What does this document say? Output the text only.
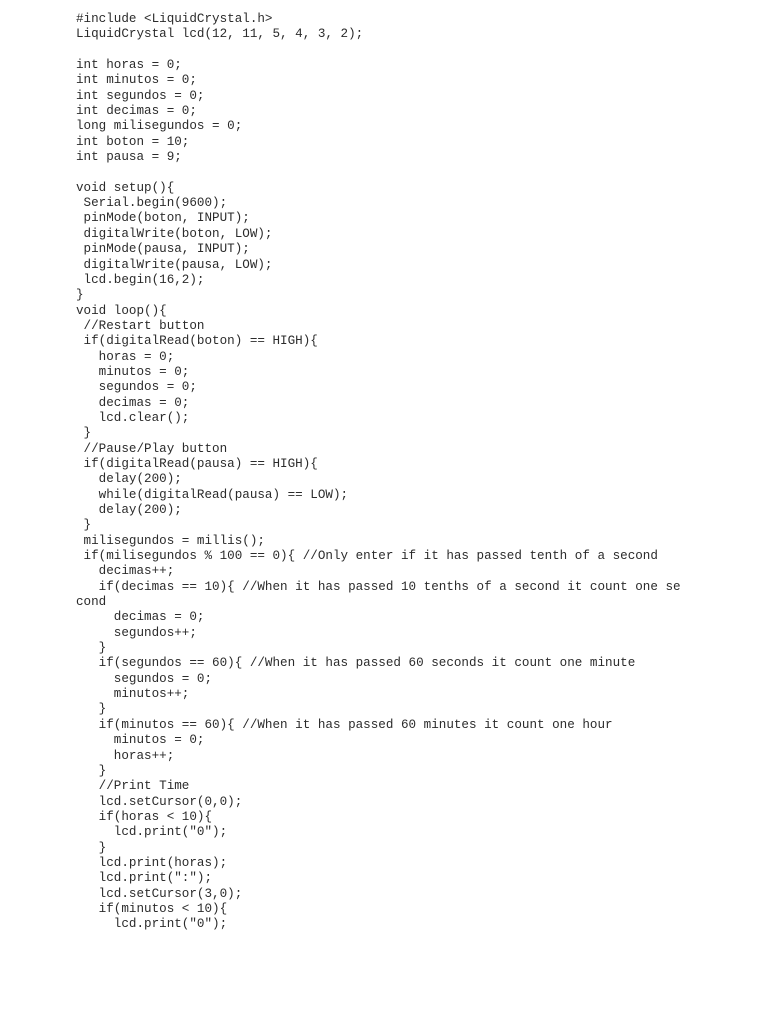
#include <LiquidCrystal.h>
LiquidCrystal lcd(12, 11, 5, 4, 3, 2);
int horas = 0;
int minutos = 0;
int segundos = 0;
int decimas = 0;
long milisegundos = 0;
int boton = 10;
int pausa = 9;
void setup(){
Serial.begin(9600);
pinMode(boton, INPUT);
digitalWrite(boton, LOW);
pinMode(pausa, INPUT);
digitalWrite(pausa, LOW);
lcd.begin(16,2);
}
void loop(){
//Restart button
if(digitalRead(boton) == HIGH){
horas = 0;
minutos = 0;
segundos = 0;
decimas = 0;
lcd.clear();
}
//Pause/Play button
if(digitalRead(pausa) == HIGH){
delay(200);
while(digitalRead(pausa) == LOW);
delay(200);
}
milisegundos = millis();
if(milisegundos % 100 == 0){ //Only enter if it has passed tenth of a second
decimas++;
if(decimas == 10){ //When it has passed 10 tenths of a second it count one se
cond
decimas = 0;
segundos++;
}
if(segundos == 60){ //When it has passed 60 seconds it count one minute
segundos = 0;
minutos++;
}
if(minutos == 60){ //When it has passed 60 minutes it count one hour
minutos = 0;
horas++;
}
//Print Time
lcd.setCursor(0,0);
if(horas < 10){
lcd.print("0");
}
lcd.print(horas);
lcd.print(":");
lcd.setCursor(3,0);
if(minutos < 10){
lcd.print("0");
